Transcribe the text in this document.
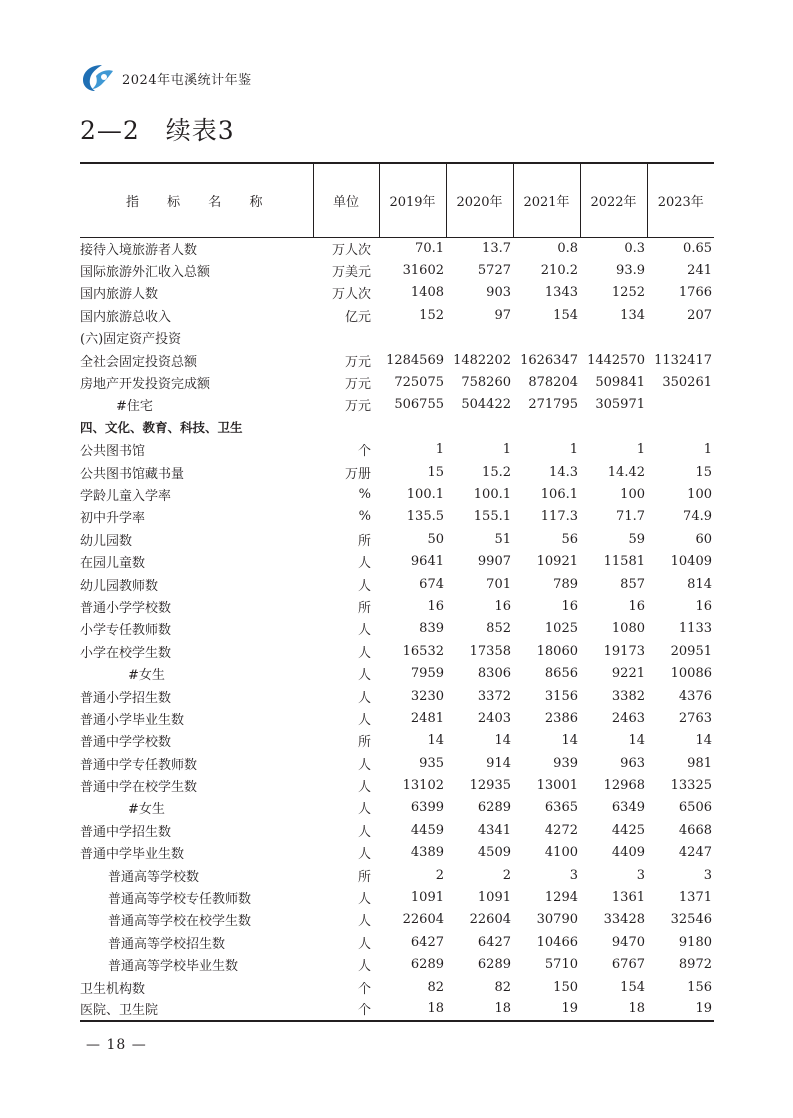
2024年屯溪统计年鉴
2—2　续表3
指 标 名 称	单位	2019年	2020年	2021年	2022年	2023年
接待入境旅游者人数	万人次	70.1	13.7	0.8	0.3	0.65
国际旅游外汇收入总额	万美元	31602	5727	210.2	93.9	241
国内旅游人数	万人次	1408	903	1343	1252	1766
国内旅游总收入	亿元	152	97	154	134	207
(六)固定资产投资						
全社会固定投资总额	万元	1284569	1482202	1626347	1442570	1132417
房地产开发投资完成额	万元	725075	758260	878204	509841	350261
#住宅	万元	506755	504422	271795	305971	
四、文化、教育、科技、卫生						
公共图书馆	个	1	1	1	1	1
公共图书馆藏书量	万册	15	15.2	14.3	14.42	15
学龄儿童入学率	%	100.1	100.1	106.1	100	100
初中升学率	%	135.5	155.1	117.3	71.7	74.9
幼儿园数	所	50	51	56	59	60
在园儿童数	人	9641	9907	10921	11581	10409
幼儿园教师数	人	674	701	789	857	814
普通小学学校数	所	16	16	16	16	16
小学专任教师数	人	839	852	1025	1080	1133
小学在校学生数	人	16532	17358	18060	19173	20951
#女生	人	7959	8306	8656	9221	10086
普通小学招生数	人	3230	3372	3156	3382	4376
普通小学毕业生数	人	2481	2403	2386	2463	2763
普通中学学校数	所	14	14	14	14	14
普通中学专任教师数	人	935	914	939	963	981
普通中学在校学生数	人	13102	12935	13001	12968	13325
#女生	人	6399	6289	6365	6349	6506
普通中学招生数	人	4459	4341	4272	4425	4668
普通中学毕业生数	人	4389	4509	4100	4409	4247
普通高等学校数	所	2	2	3	3	3
普通高等学校专任教师数	人	1091	1091	1294	1361	1371
普通高等学校在校学生数	人	22604	22604	30790	33428	32546
普通高等学校招生数	人	6427	6427	10466	9470	9180
普通高等学校毕业生数	人	6289	6289	5710	6767	8972
卫生机构数	个	82	82	150	154	156
医院、卫生院	个	18	18	19	18	19
— 18 —
